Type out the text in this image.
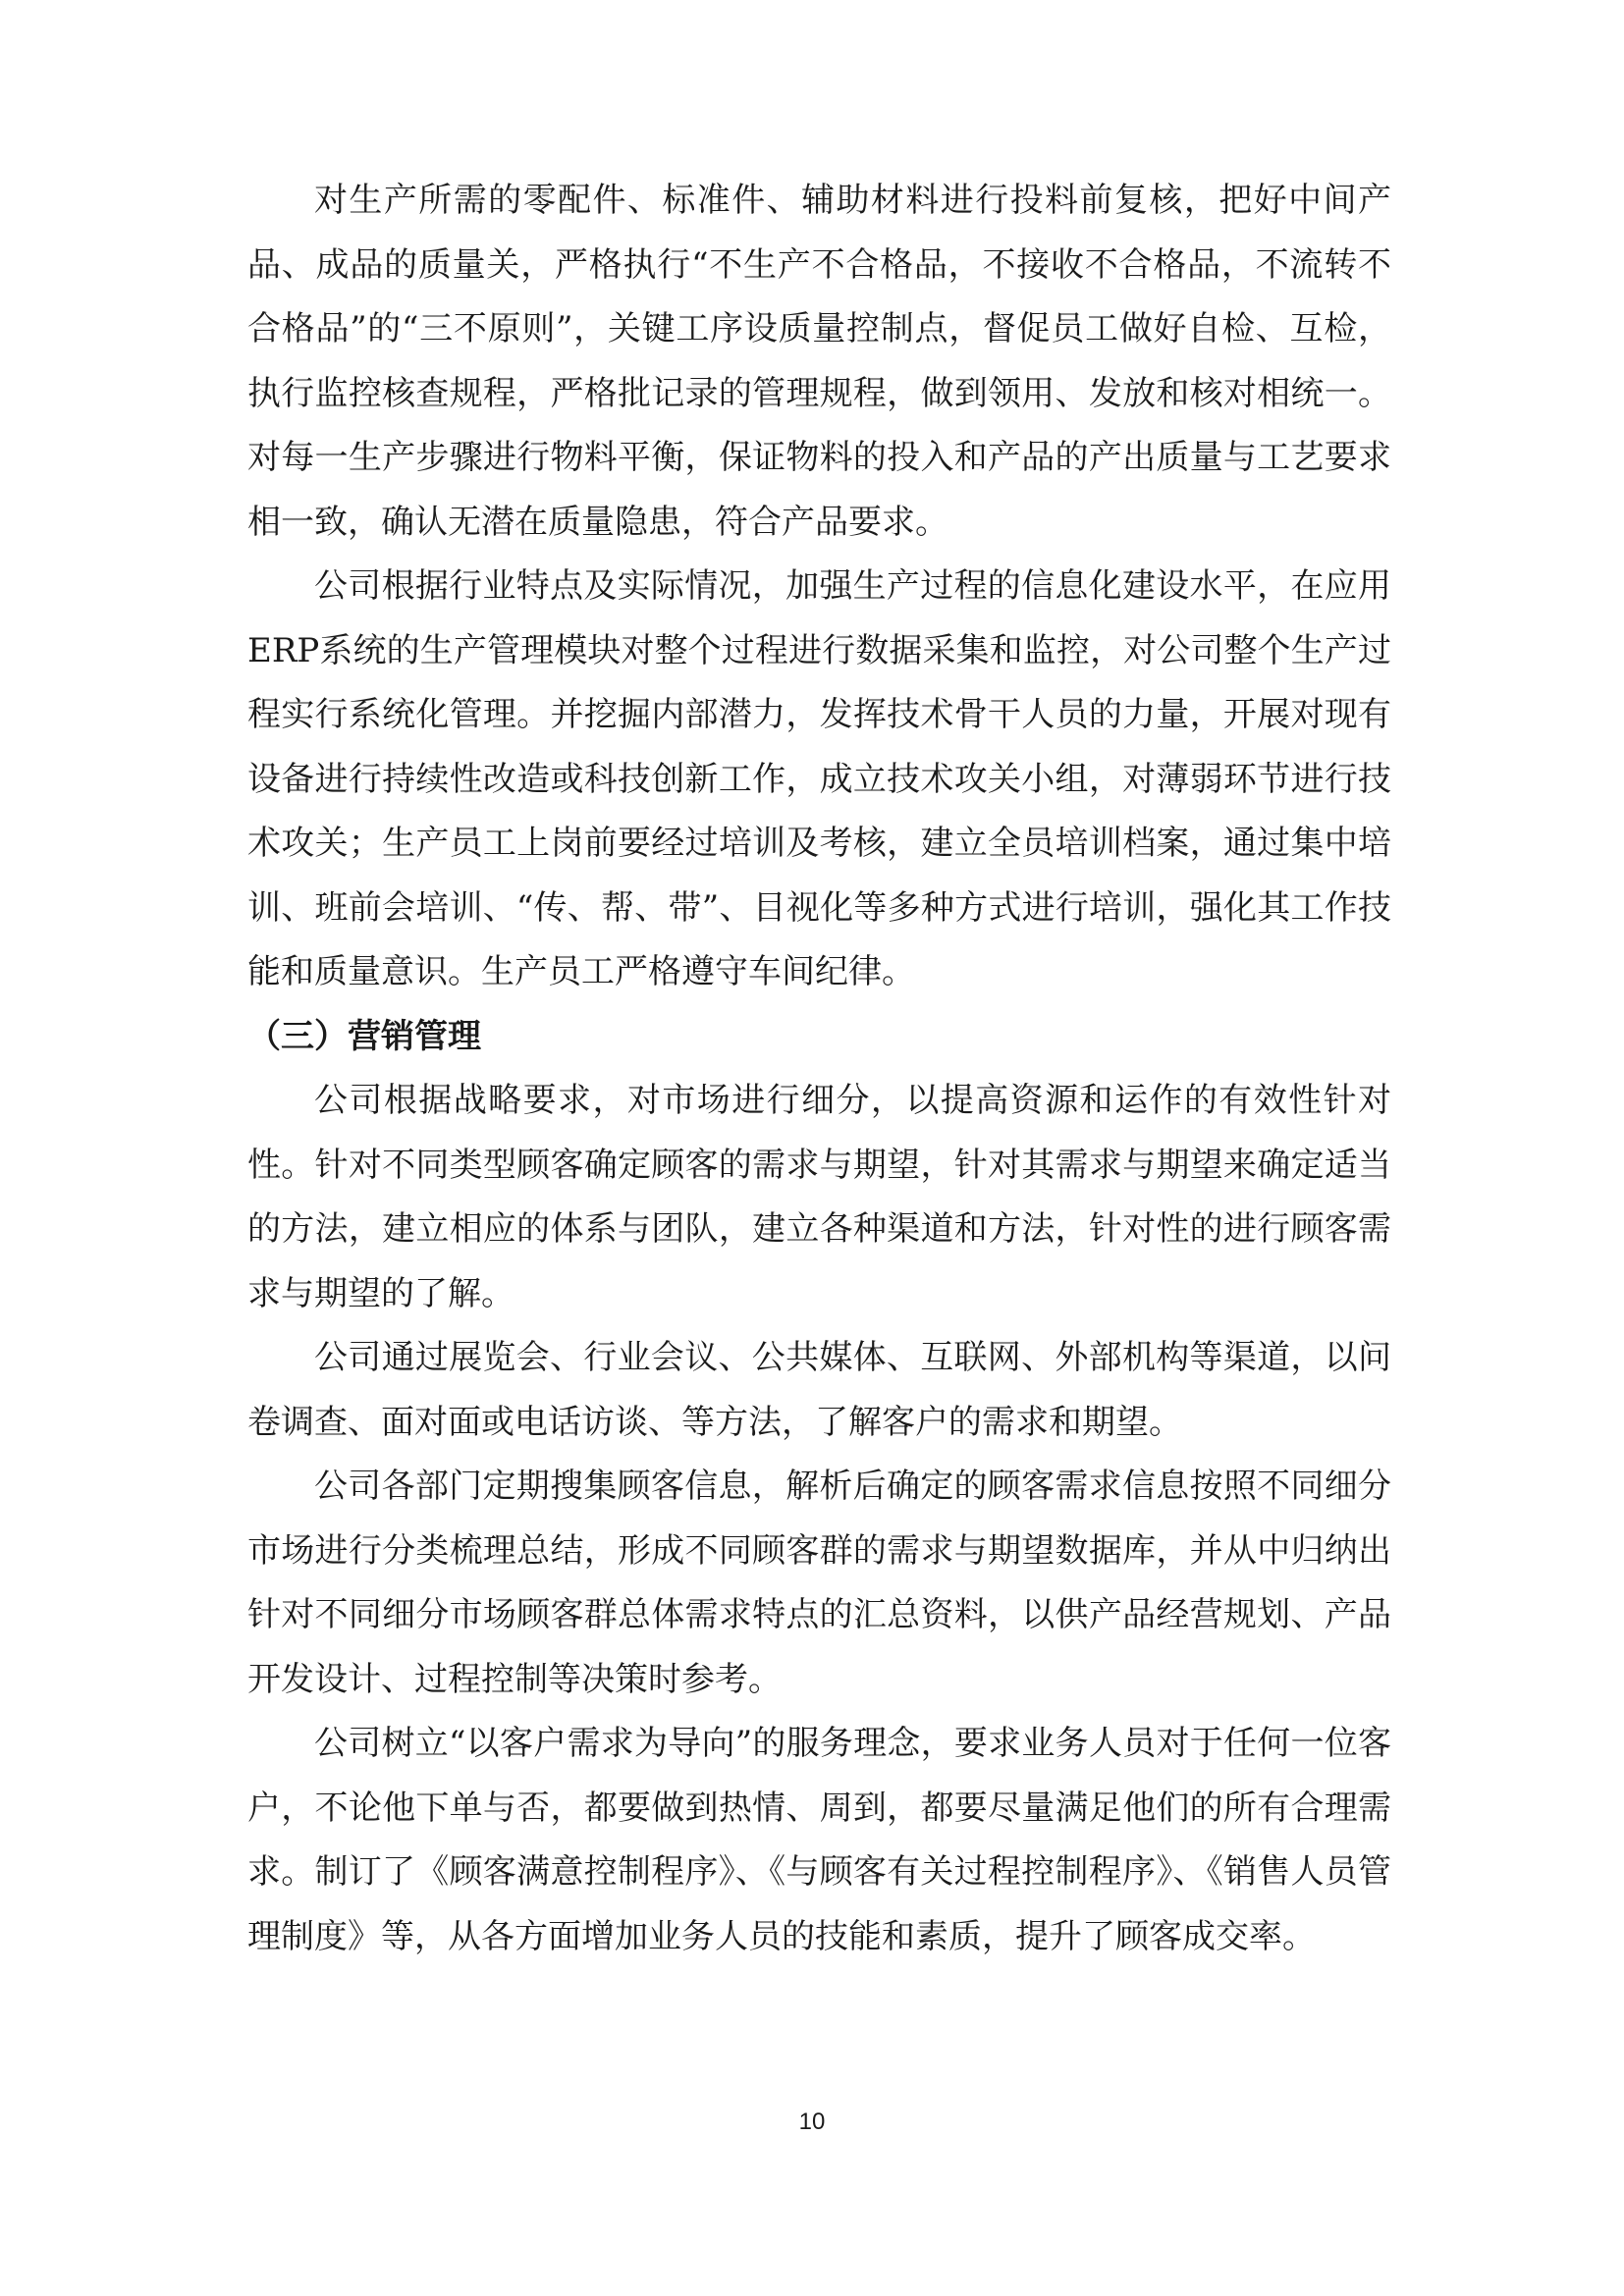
对生产所需的零配件、标准件、辅助材料进行投料前复核，把好中间产品、成品的质量关，严格执行“不生产不合格品，不接收不合格品，不流转不合格品”的“三不原则”，关键工序设质量控制点，督促员工做好自检、互检，执行监控核查规程，严格批记录的管理规程，做到领用、发放和核对相统一。对每一生产步骤进行物料平衡，保证物料的投入和产品的产出质量与工艺要求相一致，确认无潜在质量隐患，符合产品要求。

公司根据行业特点及实际情况，加强生产过程的信息化建设水平，在应用ERP系统的生产管理模块对整个过程进行数据采集和监控，对公司整个生产过程实行系统化管理。并挖掘内部潜力，发挥技术骨干人员的力量，开展对现有设备进行持续性改造或科技创新工作，成立技术攻关小组，对薄弱环节进行技术攻关；生产员工上岗前要经过培训及考核，建立全员培训档案，通过集中培训、班前会培训、“传、帮、带”、目视化等多种方式进行培训，强化其工作技能和质量意识。生产员工严格遵守车间纪律。

（三）营销管理

公司根据战略要求，对市场进行细分，以提高资源和运作的有效性针对性。针对不同类型顾客确定顾客的需求与期望，针对其需求与期望来确定适当的方法，建立相应的体系与团队，建立各种渠道和方法，针对性的进行顾客需求与期望的了解。

公司通过展览会、行业会议、公共媒体、互联网、外部机构等渠道，以问卷调查、面对面或电话访谈、等方法，了解客户的需求和期望。

公司各部门定期搜集顾客信息，解析后确定的顾客需求信息按照不同细分市场进行分类梳理总结，形成不同顾客群的需求与期望数据库，并从中归纳出针对不同细分市场顾客群总体需求特点的汇总资料，以供产品经营规划、产品开发设计、过程控制等决策时参考。

公司树立“以客户需求为导向”的服务理念，要求业务人员对于任何一位客户，不论他下单与否，都要做到热情、周到，都要尽量满足他们的所有合理需求。制订了《顾客满意控制程序》、《与顾客有关过程控制程序》、《销售人员管理制度》等，从各方面增加业务人员的技能和素质，提升了顾客成交率。

10
